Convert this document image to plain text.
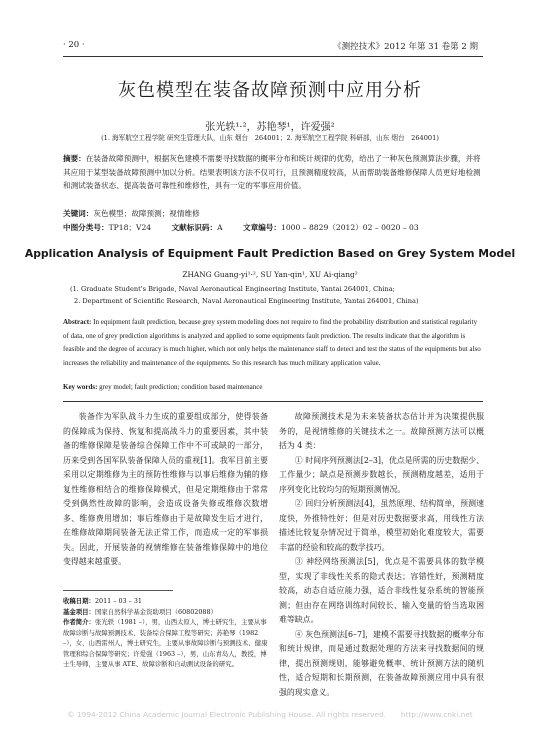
· 20 ·	《测控技术》2012 年第 31 卷第 2 期
灰色模型在装备故障预测中应用分析
张光轶¹·²，苏艳琴¹，许爱强²
(1. 海军航空工程学院 研究生管理大队，山东 烟台　264001；2. 海军航空工程学院 科研部，山东 烟台　264001)
摘要：在装备故障预测中，根据灰色建模不需要寻找数据的概率分布和统计规律的优势，给出了一种灰色预测算法步骤，并将其应用于某型装备故障预测中加以分析。结果表明该方法不仅可行，且预测精度较高，从而帮助装备维修保障人员更好地检测和测试装备状态、提高装备可靠性和维修性，具有一定的军事应用价值。
关键词：灰色模型；故障预测；视情维修
中图分类号：TP18；V24	文献标识码：A	文章编号：1000 – 8829（2012）02 – 0020 – 03
Application Analysis of Equipment Fault Prediction Based on Grey System Model
ZHANG Guang-yi¹·², SU Yan-qin¹, XU Ai-qiang²
(1. Graduate Student's Brigade, Naval Aeronautical Engineering Institute, Yantai 264001, China;
2. Department of Scientific Research, Naval Aeronautical Engineering Institute, Yantai 264001, China)
Abstract: In equipment fault prediction, because grey system modeling does not require to find the probability distribution and statistical regularity of data, one of grey prediction algorithms is analyzed and applied to some equipments fault prediction. The results indicate that the algorithm is feasible and the degree of accuracy is much higher, which not only helps the maintenance staff to detect and test the status of the equipments but also increases the reliability and maintenance of the equipments. So this research has much military application value.
Key words: grey model; fault prediction; condition based maintenance
装备作为军队战斗力生成的重要组成部分，使得装备的保障成为保持、恢复和提高战斗力的重要因素，其中装备的维修保障是装备综合保障工作中不可或缺的一部分，历来受到各国军队装备保障人员的重视[1]。我军目前主要采用以定期维修为主的预防性维修与以事后维修为辅的修复性维修相结合的维修保障模式，但是定期维修由于常常受到偶然性故障的影响，会造成设备失修或维修次数增多、维修费用增加；事后维修由于是故障发生后才进行，在维修故障期间装备无法正常工作，而造成一定的军事损失。因此，开展装备的视情维修在装备维修保障中的地位变得越来越重要。

收稿日期：2011 – 03 – 31

基金项目：国家自然科学基金资助项目（60802088）

作者简介：张光轶（1981 –），男，山西太原人，博士研究生，主要从事故障诊断与故障预测技术、装备综合保障工程等研究；苏艳琴（1982 –），女，山西雷州人，博士研究生，主要从事故障诊断与预测技术、健康管理和综合保障等研究；许爱强（1963 –），男，山东青岛人，教授，博士生导师，主要从事 ATE、故障诊断和自动测试设备的研究。

故障预测技术是为未来装备状态估计并为决策提供服务的，是视情维修的关键技术之一。故障预测方法可以概括为 4 类：

① 时间序列预测法[2–3]，优点是所需的历史数据少、工作量少；缺点是预测步数越长，预测精度越差，适用于序列变化比较均匀的短期预测情况。

② 回归分析预测法[4]，虽然原理、结构简单，预测速度快，外推特性好；但是对历史数据要求高，用线性方法描述比较复杂情况过于简单，模型初始化难度较大，需要丰富的经验和较高的数学技巧。

③ 神经网络预测法[5]，优点是不需要具体的数学模型，实现了非线性关系的隐式表达；容错性好，预测精度较高，动态自适应能力强，适合非线性复杂系统的智能预测；但由存在网络训练时间较长、输入变量的恰当选取困难等缺点。

④ 灰色预测法[6–7]，建模不需要寻找数据的概率分布和统计规律，而是通过数据处理的方法来寻找数据间的规律，提出预测规则，能够避免概率、统计预测方法的随机性，适合短期和长期预测，在装备故障预测应用中具有很强的现实意义。

© 1994-2012 China Academic Journal Electronic Publishing House. All rights reserved.　　http://www.cnki.net
